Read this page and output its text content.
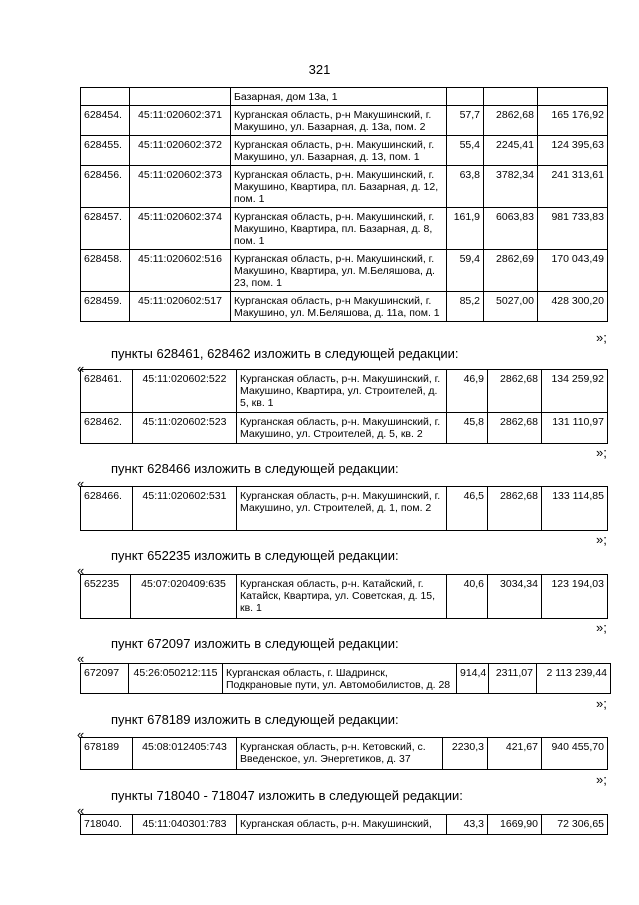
321
		Базарная, дом 13а, 1			
628454.	45:11:020602:371	Курганская область, р-н Макушинский, г. Макушино, ул. Базарная, д. 13а, пом. 2	57,7	2862,68	165 176,92
628455.	45:11:020602:372	Курганская область, р-н. Макушинский, г. Макушино, ул. Базарная, д. 13, пом. 1	55,4	2245,41	124 395,63
628456.	45:11:020602:373	Курганская область, р-н. Макушинский, г. Макушино, Квартира, пл. Базарная, д. 12, пом. 1	63,8	3782,34	241 313,61
628457.	45:11:020602:374	Курганская область, р-н. Макушинский, г. Макушино, Квартира, пл. Базарная, д. 8, пом. 1	161,9	6063,83	981 733,83
628458.	45:11:020602:516	Курганская область, р-н. Макушинский, г. Макушино, Квартира, ул. М.Беляшова, д. 23, пом. 1	59,4	2862,69	170 043,49
628459.	45:11:020602:517	Курганская область, р-н Макушинский, г. Макушино, ул. М.Беляшова, д. 11а, пом. 1	85,2	5027,00	428 300,20
»;
пункты 628461, 628462 изложить в следующей редакции:
«
628461.	45:11:020602:522	Курганская область, р-н. Макушинский, г. Макушино, Квартира, ул. Строителей, д. 5, кв. 1	46,9	2862,68	134 259,92
628462.	45:11:020602:523	Курганская область, р-н. Макушинский, г. Макушино, ул. Строителей, д. 5, кв. 2	45,8	2862,68	131 110,97
»;
пункт 628466 изложить в следующей редакции:
«
628466.	45:11:020602:531	Курганская область, р-н. Макушинский, г. Макушино, ул. Строителей, д. 1, пом. 2	46,5	2862,68	133 114,85
»;
пункт 652235 изложить в следующей редакции:
«
652235	45:07:020409:635	Курганская область, р-н. Катайский, г. Катайск, Квартира, ул. Советская, д. 15, кв. 1	40,6	3034,34	123 194,03
»;
пункт 672097 изложить в следующей редакции:
«
672097	45:26:050212:115	Курганская область, г. Шадринск, Подкрановые пути, ул. Автомобилистов, д. 28	914,4	2311,07	2 113 239,44
»;
пункт 678189 изложить в следующей редакции:
«
678189	45:08:012405:743	Курганская область, р-н. Кетовский, с. Введенское, ул. Энергетиков, д. 37	2230,3	421,67	940 455,70
»;
пункты 718040 - 718047 изложить в следующей редакции:
«
718040.	45:11:040301:783	Курганская область, р-н. Макушинский,	43,3	1669,90	72 306,65
